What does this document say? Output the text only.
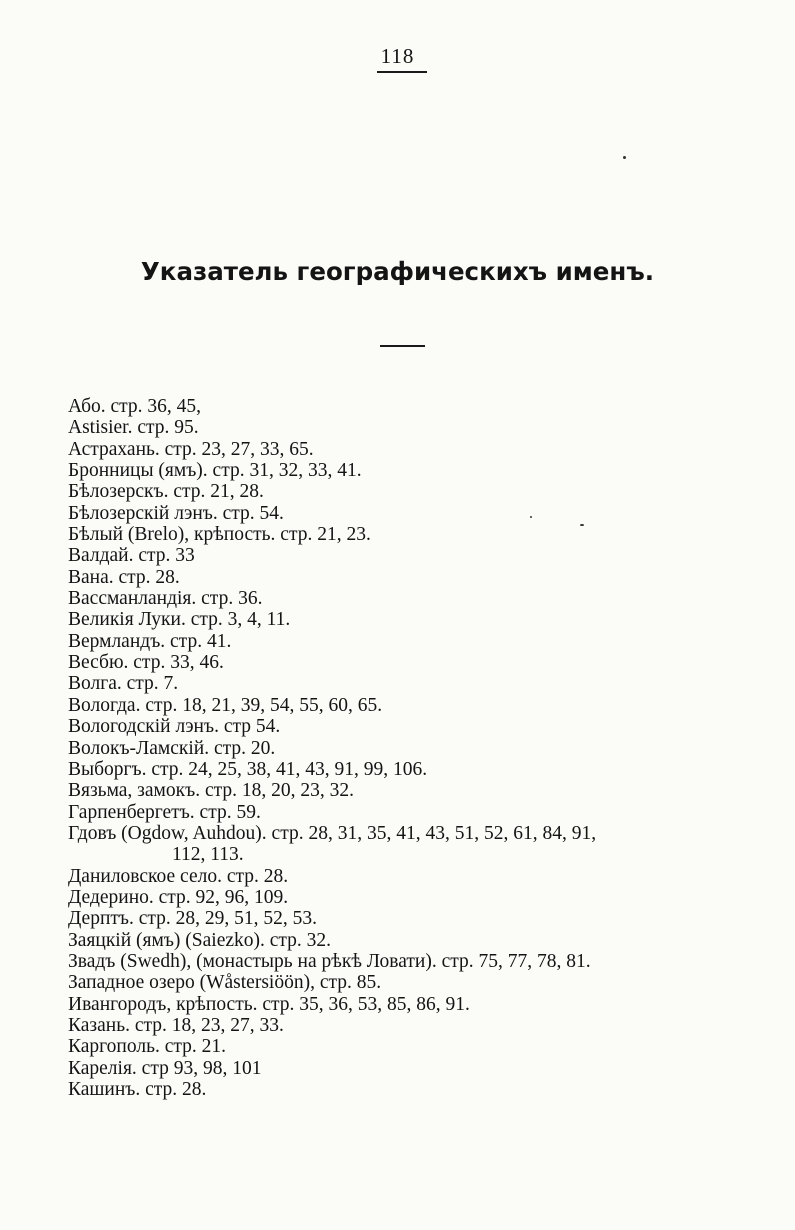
118
Указатель географическихъ именъ.
Або. стр. 36, 45,
Astisier. стр. 95.
Астрахань. стр. 23, 27, 33, 65.
Бронницы (ямъ). стр. 31, 32, 33, 41.
Бѣлозерскъ. стр. 21, 28.
Бѣлозерскій лэнъ. стр. 54.
Бѣлый (Brelo), крѣпость. стр. 21, 23.
Валдай. стр. 33
Вана. стр. 28.
Вассманландія. стр. 36.
Великія Луки. стр. 3, 4, 11.
Вермландъ. стр. 41.
Весбю. стр. 33, 46.
Волга. стр. 7.
Вологда. стр. 18, 21, 39, 54, 55, 60, 65.
Вологодскій лэнъ. стр 54.
Волокъ-Ламскій. стр. 20.
Выборгъ. стр. 24, 25, 38, 41, 43, 91, 99, 106.
Вязьма, замокъ. стр. 18, 20, 23, 32.
Гарпенбергетъ. стр. 59.
Гдовъ (Ogdow, Auhdou). стр. 28, 31, 35, 41, 43, 51, 52, 61, 84, 91,
112, 113.
Даниловское село. стр. 28.
Дедерино. стр. 92, 96, 109.
Дерптъ. стр. 28, 29, 51, 52, 53.
Заяцкій (ямъ) (Saiezko). стр. 32.
Звадъ (Swedh), (монастырь на рѣкѣ Ловати). стр. 75, 77, 78, 81.
Западное озеро (Wåstersiöön), стр. 85.
Ивангородъ, крѣпость. стр. 35, 36, 53, 85, 86, 91.
Казань. стр. 18, 23, 27, 33.
Каргополь. стр. 21.
Карелія. стр 93, 98, 101
Кашинъ. стр. 28.
